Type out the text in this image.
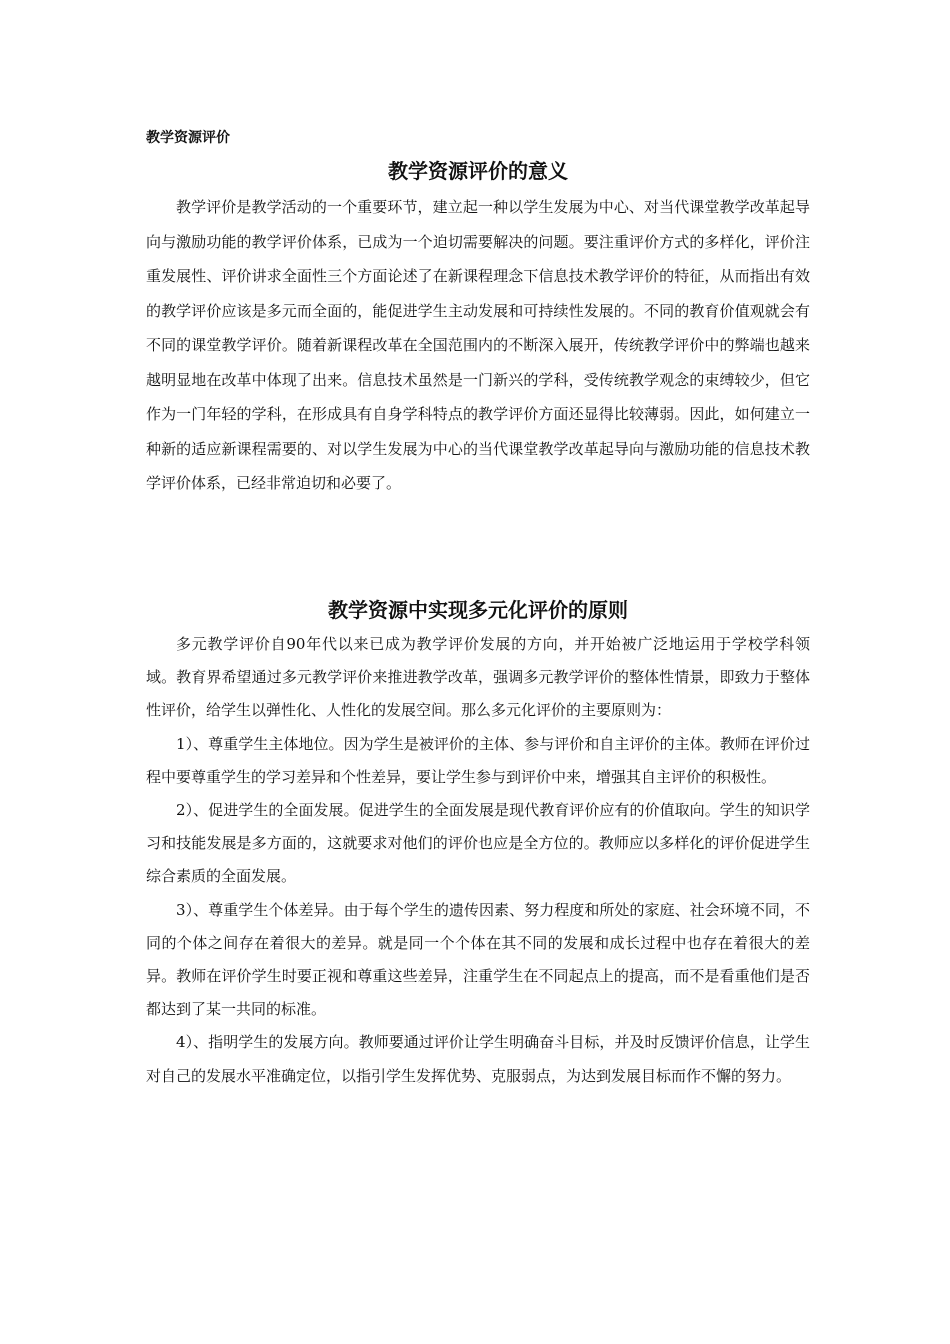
教学资源评价
教学资源评价的意义

教学评价是教学活动的一个重要环节，建立起一种以学生发展为中心、对当代课堂教学改革起导向与激励功能的教学评价体系，已成为一个迫切需要解决的问题。要注重评价方式的多样化，评价注重发展性、评价讲求全面性三个方面论述了在新课程理念下信息技术教学评价的特征，从而指出有效的教学评价应该是多元而全面的，能促进学生主动发展和可持续性发展的。不同的教育价值观就会有不同的课堂教学评价。随着新课程改革在全国范围内的不断深入展开，传统教学评价中的弊端也越来越明显地在改革中体现了出来。信息技术虽然是一门新兴的学科，受传统教学观念的束缚较少，但它作为一门年轻的学科，在形成具有自身学科特点的教学评价方面还显得比较薄弱。因此，如何建立一种新的适应新课程需要的、对以学生发展为中心的当代课堂教学改革起导向与激励功能的信息技术教学评价体系，已经非常迫切和必要了。

教学资源中实现多元化评价的原则

多元教学评价自90年代以来已成为教学评价发展的方向，并开始被广泛地运用于学校学科领域。教育界希望通过多元教学评价来推进教学改革，强调多元教学评价的整体性情景，即致力于整体性评价，给学生以弹性化、人性化的发展空间。那么多元化评价的主要原则为：

1）、尊重学生主体地位。因为学生是被评价的主体、参与评价和自主评价的主体。教师在评价过程中要尊重学生的学习差异和个性差异，要让学生参与到评价中来，增强其自主评价的积极性。

2）、促进学生的全面发展。促进学生的全面发展是现代教育评价应有的价值取向。学生的知识学习和技能发展是多方面的，这就要求对他们的评价也应是全方位的。教师应以多样化的评价促进学生综合素质的全面发展。

3）、尊重学生个体差异。由于每个学生的遗传因素、努力程度和所处的家庭、社会环境不同，不同的个体之间存在着很大的差异。就是同一个个体在其不同的发展和成长过程中也存在着很大的差异。教师在评价学生时要正视和尊重这些差异，注重学生在不同起点上的提高，而不是看重他们是否都达到了某一共同的标准。

4）、指明学生的发展方向。教师要通过评价让学生明确奋斗目标，并及时反馈评价信息，让学生对自己的发展水平准确定位，以指引学生发挥优势、克服弱点，为达到发展目标而作不懈的努力。
